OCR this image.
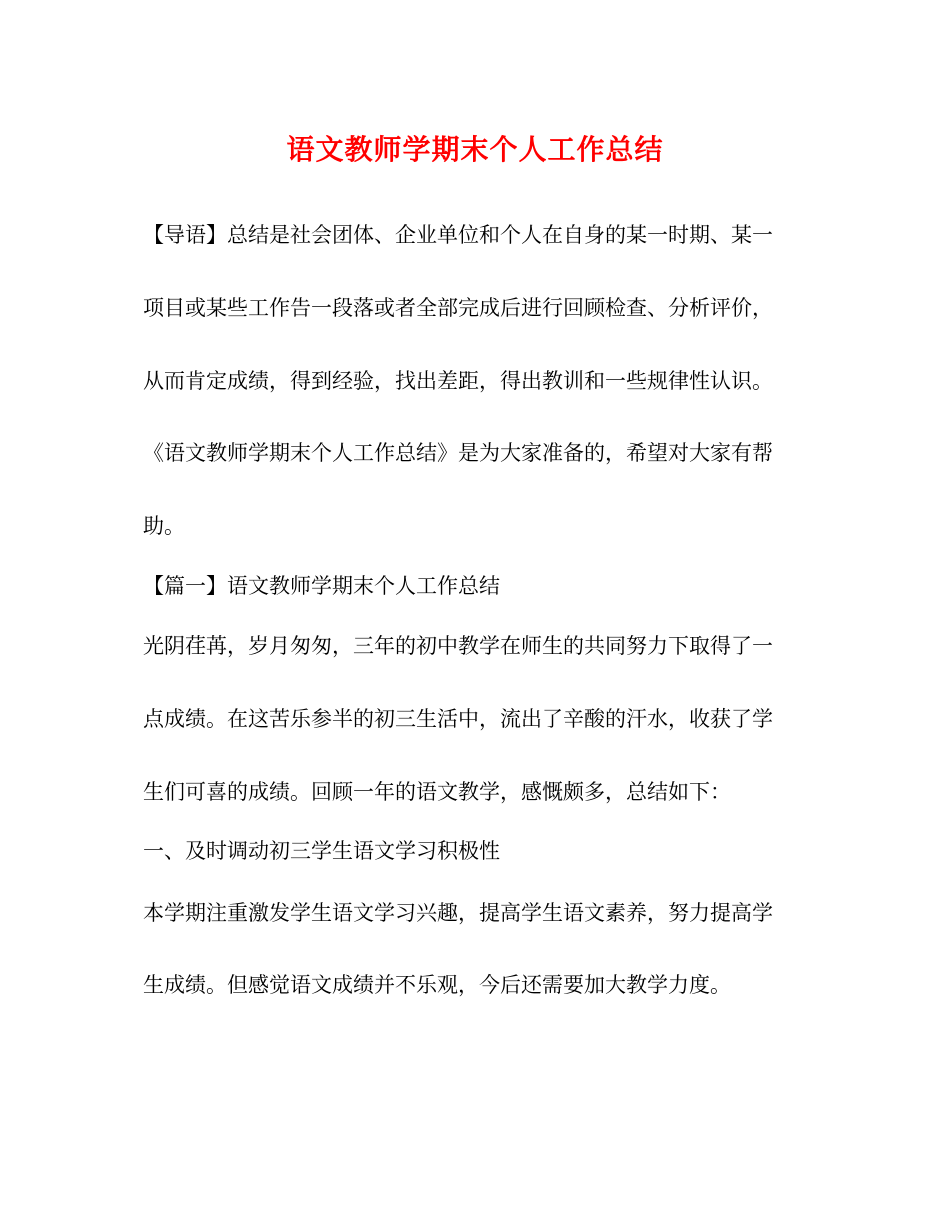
语文教师学期末个人工作总结
【导语】总结是社会团体、企业单位和个人在自身的某一时期、某一
项目或某些工作告一段落或者全部完成后进行回顾检查、分析评价，
从而肯定成绩，得到经验，找出差距，得出教训和一些规律性认识。
《语文教师学期末个人工作总结》是为大家准备的，希望对大家有帮
助。
【篇一】语文教师学期末个人工作总结
光阴荏苒，岁月匆匆，三年的初中教学在师生的共同努力下取得了一
点成绩。在这苦乐参半的初三生活中，流出了辛酸的汗水，收获了学
生们可喜的成绩。回顾一年的语文教学，感慨颇多，总结如下：
一、及时调动初三学生语文学习积极性
本学期注重激发学生语文学习兴趣，提高学生语文素养，努力提高学
生成绩。但感觉语文成绩并不乐观，今后还需要加大教学力度。
